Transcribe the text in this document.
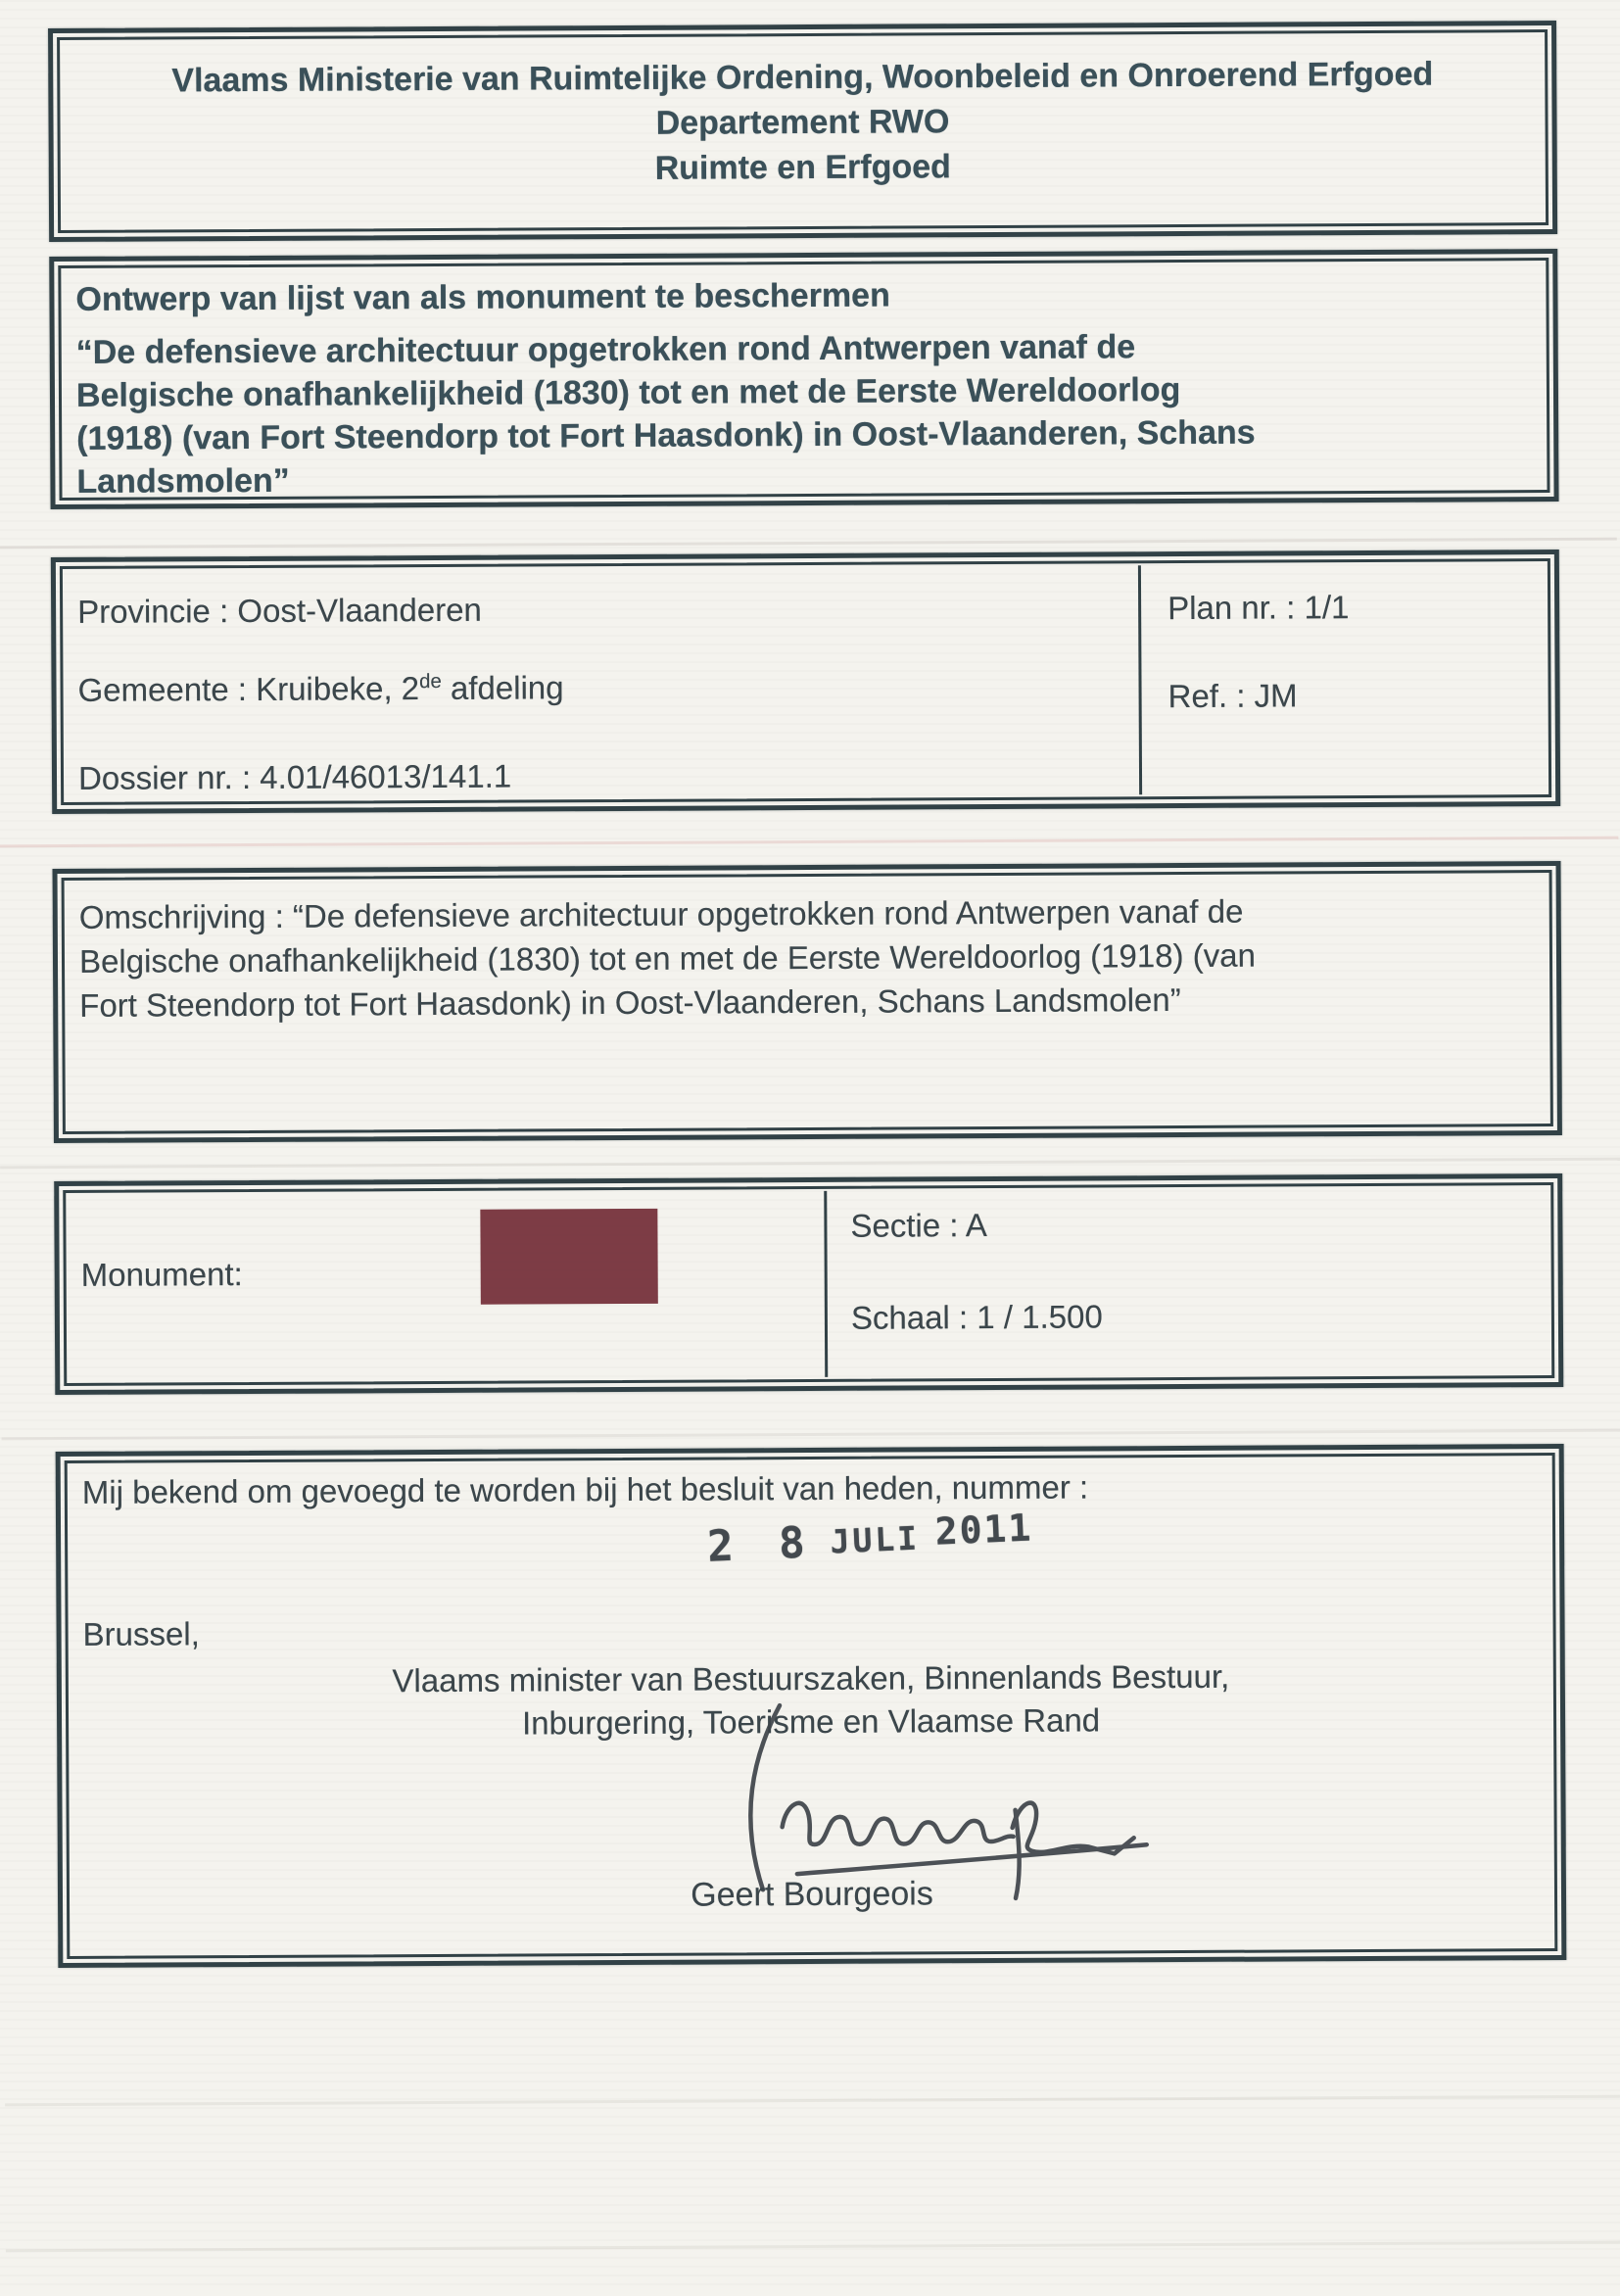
Vlaams Ministerie van Ruimtelijke Ordening, Woonbeleid en Onroerend Erfgoed
Departement RWO
Ruimte en Erfgoed
Ontwerp van lijst van als monument te beschermen
“De defensieve architectuur opgetrokken rond Antwerpen vanaf de
Belgische onafhankelijkheid (1830) tot en met de Eerste Wereldoorlog
(1918) (van Fort Steendorp tot Fort Haasdonk) in Oost-Vlaanderen, Schans
Landsmolen”
Provincie : Oost-Vlaanderen
Gemeente : Kruibeke, 2de afdeling
Dossier nr. : 4.01/46013/141.1
Plan nr. : 1/1
Ref. : JM
Omschrijving : “De defensieve architectuur opgetrokken rond Antwerpen vanaf de
Belgische onafhankelijkheid (1830) tot en met de Eerste Wereldoorlog (1918) (van
Fort Steendorp tot Fort Haasdonk) in Oost-Vlaanderen, Schans Landsmolen”
Monument:
Sectie : A
Schaal : 1 / 1.500
Mij bekend om gevoegd te worden bij het besluit van heden, nummer :
2 8 JULI 2011
Brussel,
Vlaams minister van Bestuurszaken, Binnenlands Bestuur,
Inburgering, Toerisme en Vlaamse Rand
Geert Bourgeois
